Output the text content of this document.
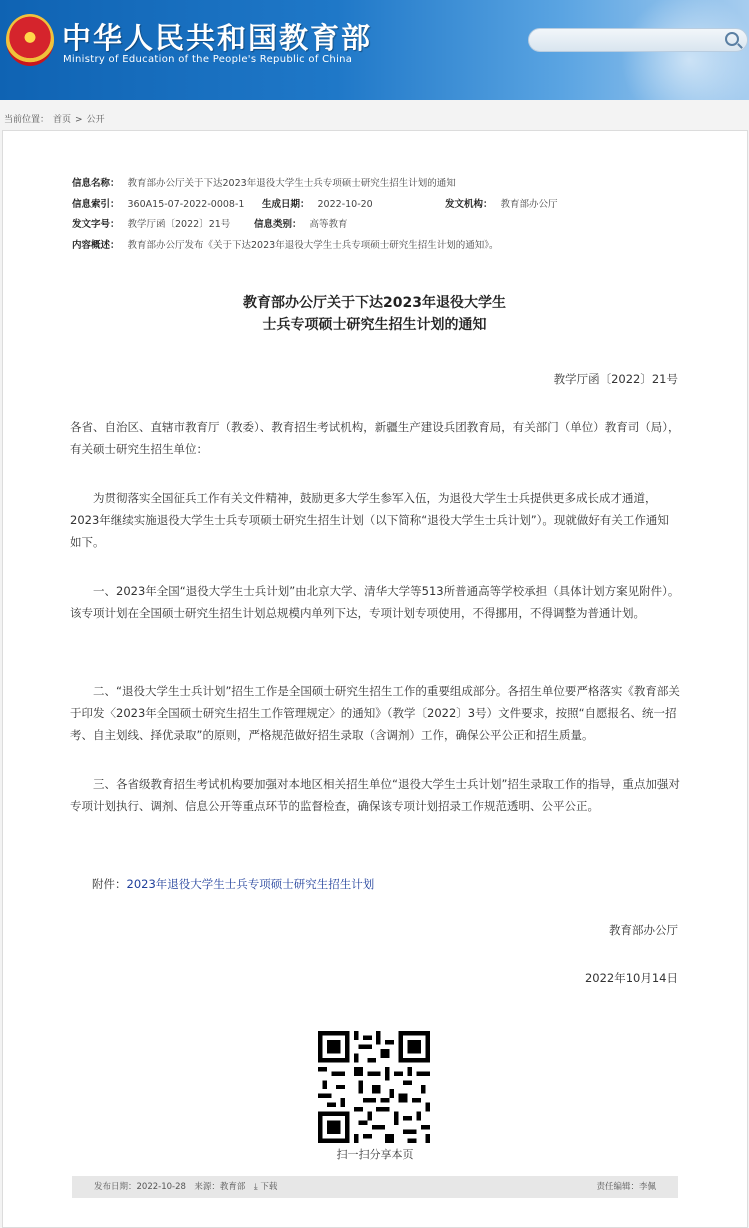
中华人民共和国教育部
Ministry of Education of the People's Republic of China
当前位置： 首页 > 公开
信息名称： 教育部办公厅关于下达2023年退役大学生士兵专项硕士研究生招生计划的通知
信息索引： 360A15-07-2022-0008-1 生成日期： 2022-10-20	发文机构： 教育部办公厅
发文字号： 教学厅函〔2022〕21号 信息类别： 高等教育
内容概述： 教育部办公厅发布《关于下达2023年退役大学生士兵专项硕士研究生招生计划的通知》。
教育部办公厅关于下达2023年退役大学生
士兵专项硕士研究生招生计划的通知
教学厅函〔2022〕21号
各省、自治区、直辖市教育厅（教委）、教育招生考试机构，新疆生产建设兵团教育局，有关部门（单位）教育司（局），有关硕士研究生招生单位：
　　为贯彻落实全国征兵工作有关文件精神，鼓励更多大学生参军入伍，为退役大学生士兵提供更多成长成才通道，2023年继续实施退役大学生士兵专项硕士研究生招生计划（以下简称“退役大学生士兵计划”）。现就做好有关工作通知如下。
　　一、2023年全国“退役大学生士兵计划”由北京大学、清华大学等513所普通高等学校承担（具体计划方案见附件）。该专项计划在全国硕士研究生招生计划总规模内单列下达，专项计划专项使用，不得挪用，不得调整为普通计划。
　　二、“退役大学生士兵计划”招生工作是全国硕士研究生招生工作的重要组成部分。各招生单位要严格落实《教育部关于印发〈2023年全国硕士研究生招生工作管理规定〉的通知》（教学〔2022〕3号）文件要求，按照“自愿报名、统一招考、自主划线、择优录取”的原则，严格规范做好招生录取（含调剂）工作，确保公平公正和招生质量。
　　三、各省级教育招生考试机构要加强对本地区相关招生单位“退役大学生士兵计划”招生录取工作的指导，重点加强对专项计划执行、调剂、信息公开等重点环节的监督检查，确保该专项计划招录工作规范透明、公平公正。
附件：2023年退役大学生士兵专项硕士研究生招生计划
教育部办公厅
2022年10月14日
扫一扫分享本页
发布日期：2022-10-28　来源：教育部　⤓ 下载	责任编辑：李佩
